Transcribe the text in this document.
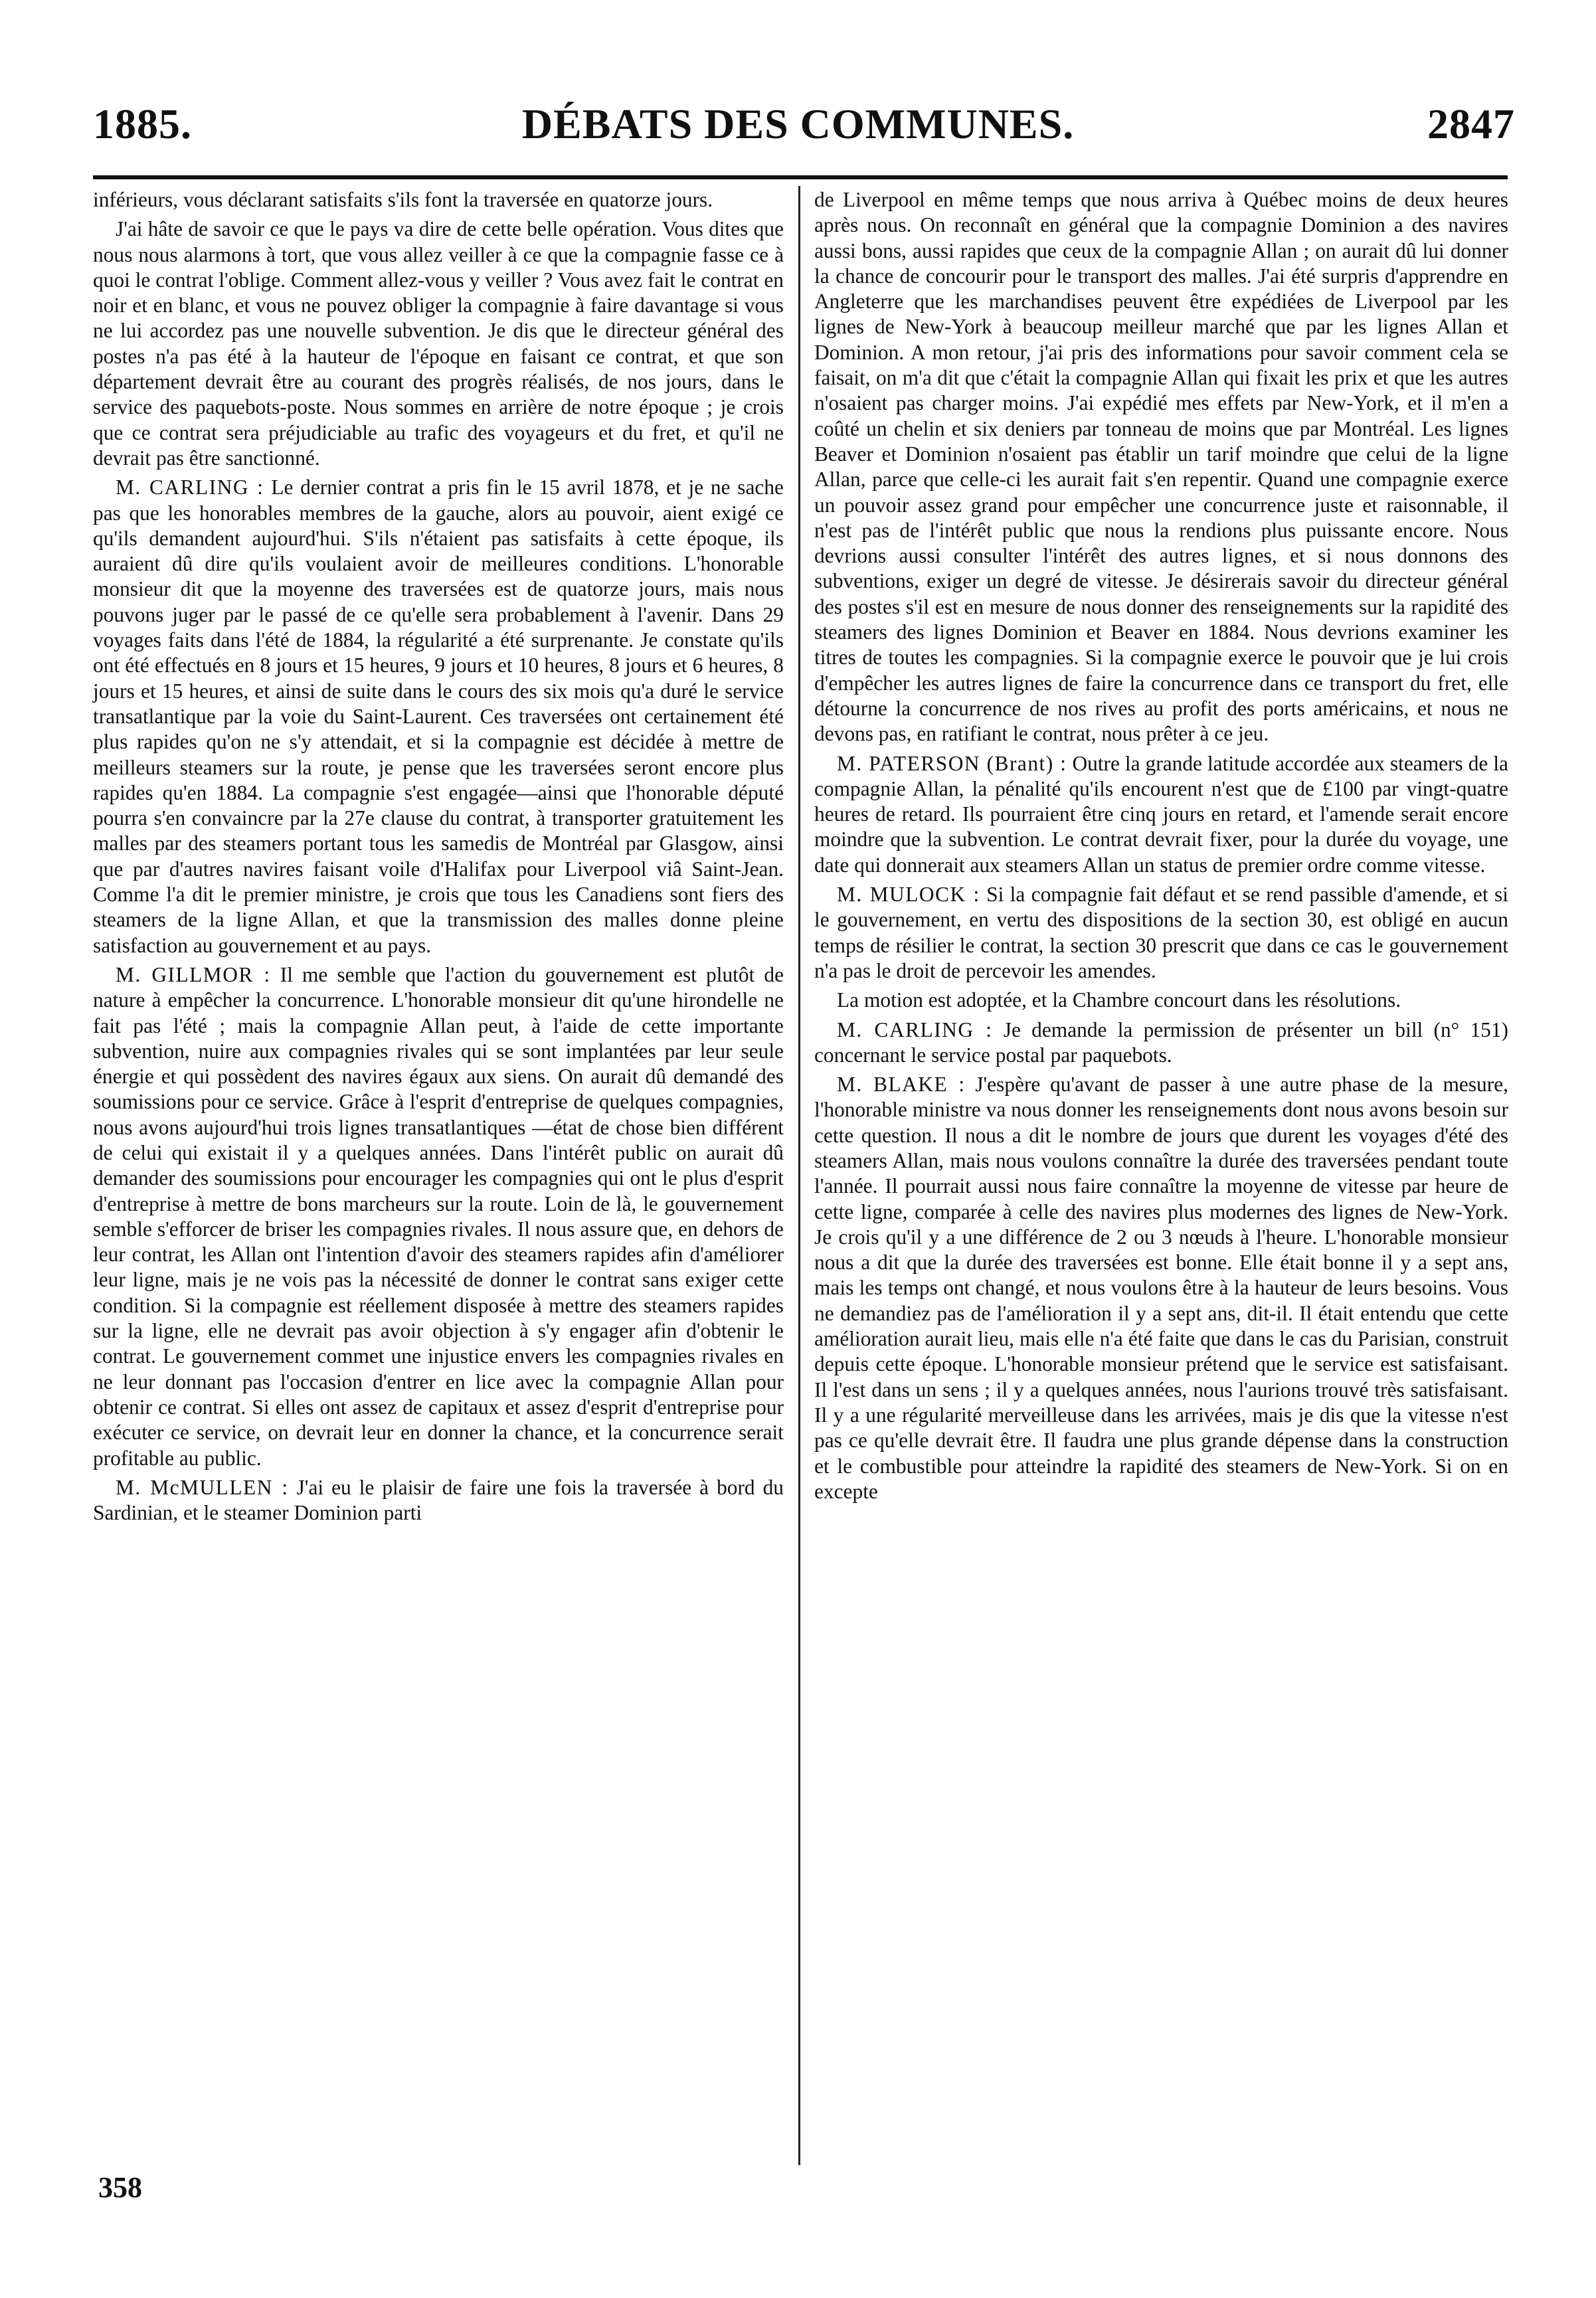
1885.	DÉBATS DES COMMUNES.	2847

inférieurs, vous déclarant satisfaits s'ils font la traversée en quatorze jours.

J'ai hâte de savoir ce que le pays va dire de cette belle opération. Vous dites que nous nous alarmons à tort, que vous allez veiller à ce que la compagnie fasse ce à quoi le contrat l'oblige. Comment allez-vous y veiller ? Vous avez fait le contrat en noir et en blanc, et vous ne pouvez obliger la compagnie à faire davantage si vous ne lui accordez pas une nouvelle subvention. Je dis que le directeur général des postes n'a pas été à la hauteur de l'époque en faisant ce contrat, et que son département devrait être au courant des progrès réalisés, de nos jours, dans le service des paquebots-poste. Nous sommes en arrière de notre époque ; je crois que ce contrat sera préjudiciable au trafic des voyageurs et du fret, et qu'il ne devrait pas être sanctionné.

M. CARLING : Le dernier contrat a pris fin le 15 avril 1878, et je ne sache pas que les honorables membres de la gauche, alors au pouvoir, aient exigé ce qu'ils demandent aujourd'hui. S'ils n'étaient pas satisfaits à cette époque, ils auraient dû dire qu'ils voulaient avoir de meilleures conditions. L'honorable monsieur dit que la moyenne des traversées est de quatorze jours, mais nous pouvons juger par le passé de ce qu'elle sera probablement à l'avenir. Dans 29 voyages faits dans l'été de 1884, la régularité a été surprenante. Je constate qu'ils ont été effectués en 8 jours et 15 heures, 9 jours et 10 heures, 8 jours et 6 heures, 8 jours et 15 heures, et ainsi de suite dans le cours des six mois qu'a duré le service transatlantique par la voie du Saint-Laurent. Ces traversées ont certainement été plus rapides qu'on ne s'y attendait, et si la compagnie est décidée à mettre de meilleurs steamers sur la route, je pense que les traversées seront encore plus rapides qu'en 1884. La compagnie s'est engagée—ainsi que l'honorable député pourra s'en convaincre par la 27e clause du contrat, à transporter gratuitement les malles par des steamers portant tous les samedis de Montréal par Glasgow, ainsi que par d'autres navires faisant voile d'Halifax pour Liverpool viâ Saint-Jean. Comme l'a dit le premier ministre, je crois que tous les Canadiens sont fiers des steamers de la ligne Allan, et que la transmission des malles donne pleine satisfaction au gouvernement et au pays.

M. GILLMOR : Il me semble que l'action du gouvernement est plutôt de nature à empêcher la concurrence. L'honorable monsieur dit qu'une hirondelle ne fait pas l'été ; mais la compagnie Allan peut, à l'aide de cette importante subvention, nuire aux compagnies rivales qui se sont implantées par leur seule énergie et qui possèdent des navires égaux aux siens. On aurait dû demandé des soumissions pour ce service. Grâce à l'esprit d'entreprise de quelques compagnies, nous avons aujourd'hui trois lignes transatlantiques —état de chose bien différent de celui qui existait il y a quelques années. Dans l'intérêt public on aurait dû demander des soumissions pour encourager les compagnies qui ont le plus d'esprit d'entreprise à mettre de bons marcheurs sur la route. Loin de là, le gouvernement semble s'efforcer de briser les compagnies rivales. Il nous assure que, en dehors de leur contrat, les Allan ont l'intention d'avoir des steamers rapides afin d'améliorer leur ligne, mais je ne vois pas la nécessité de donner le contrat sans exiger cette condition. Si la compagnie est réellement disposée à mettre des steamers rapides sur la ligne, elle ne devrait pas avoir objection à s'y engager afin d'obtenir le contrat. Le gouvernement commet une injustice envers les compagnies rivales en ne leur donnant pas l'occasion d'entrer en lice avec la compagnie Allan pour obtenir ce contrat. Si elles ont assez de capitaux et assez d'esprit d'entreprise pour exécuter ce service, on devrait leur en donner la chance, et la concurrence serait profitable au public.

M. McMULLEN : J'ai eu le plaisir de faire une fois la traversée à bord du Sardinian, et le steamer Dominion parti

de Liverpool en même temps que nous arriva à Québec moins de deux heures après nous. On reconnaît en général que la compagnie Dominion a des navires aussi bons, aussi rapides que ceux de la compagnie Allan ; on aurait dû lui donner la chance de concourir pour le transport des malles. J'ai été surpris d'apprendre en Angleterre que les marchandises peuvent être expédiées de Liverpool par les lignes de New-York à beaucoup meilleur marché que par les lignes Allan et Dominion. A mon retour, j'ai pris des informations pour savoir comment cela se faisait, on m'a dit que c'était la compagnie Allan qui fixait les prix et que les autres n'osaient pas charger moins. J'ai expédié mes effets par New-York, et il m'en a coûté un chelin et six deniers par tonneau de moins que par Montréal. Les lignes Beaver et Dominion n'osaient pas établir un tarif moindre que celui de la ligne Allan, parce que celle-ci les aurait fait s'en repentir. Quand une compagnie exerce un pouvoir assez grand pour empêcher une concurrence juste et raisonnable, il n'est pas de l'intérêt public que nous la rendions plus puissante encore. Nous devrions aussi consulter l'intérêt des autres lignes, et si nous donnons des subventions, exiger un degré de vitesse. Je désirerais savoir du directeur général des postes s'il est en mesure de nous donner des renseignements sur la rapidité des steamers des lignes Dominion et Beaver en 1884. Nous devrions examiner les titres de toutes les compagnies. Si la compagnie exerce le pouvoir que je lui crois d'empêcher les autres lignes de faire la concurrence dans ce transport du fret, elle détourne la concurrence de nos rives au profit des ports américains, et nous ne devons pas, en ratifiant le contrat, nous prêter à ce jeu.

M. PATERSON (Brant) : Outre la grande latitude accordée aux steamers de la compagnie Allan, la pénalité qu'ils encourent n'est que de £100 par vingt-quatre heures de retard. Ils pourraient être cinq jours en retard, et l'amende serait encore moindre que la subvention. Le contrat devrait fixer, pour la durée du voyage, une date qui donnerait aux steamers Allan un status de premier ordre comme vitesse.

M. MULOCK : Si la compagnie fait défaut et se rend passible d'amende, et si le gouvernement, en vertu des dispositions de la section 30, est obligé en aucun temps de résilier le contrat, la section 30 prescrit que dans ce cas le gouvernement n'a pas le droit de percevoir les amendes.

La motion est adoptée, et la Chambre concourt dans les résolutions.

M. CARLING : Je demande la permission de présenter un bill (n° 151) concernant le service postal par paquebots.

M. BLAKE : J'espère qu'avant de passer à une autre phase de la mesure, l'honorable ministre va nous donner les renseignements dont nous avons besoin sur cette question. Il nous a dit le nombre de jours que durent les voyages d'été des steamers Allan, mais nous voulons connaître la durée des traversées pendant toute l'année. Il pourrait aussi nous faire connaître la moyenne de vitesse par heure de cette ligne, comparée à celle des navires plus modernes des lignes de New-York. Je crois qu'il y a une différence de 2 ou 3 nœuds à l'heure. L'honorable monsieur nous a dit que la durée des traversées est bonne. Elle était bonne il y a sept ans, mais les temps ont changé, et nous voulons être à la hauteur de leurs besoins. Vous ne demandiez pas de l'amélioration il y a sept ans, dit-il. Il était entendu que cette amélioration aurait lieu, mais elle n'a été faite que dans le cas du Parisian, construit depuis cette époque. L'honorable monsieur prétend que le service est satisfaisant. Il l'est dans un sens ; il y a quelques années, nous l'aurions trouvé très satisfaisant. Il y a une régularité merveilleuse dans les arrivées, mais je dis que la vitesse n'est pas ce qu'elle devrait être. Il faudra une plus grande dépense dans la construction et le combustible pour atteindre la rapidité des steamers de New-York. Si on en excepte

358
